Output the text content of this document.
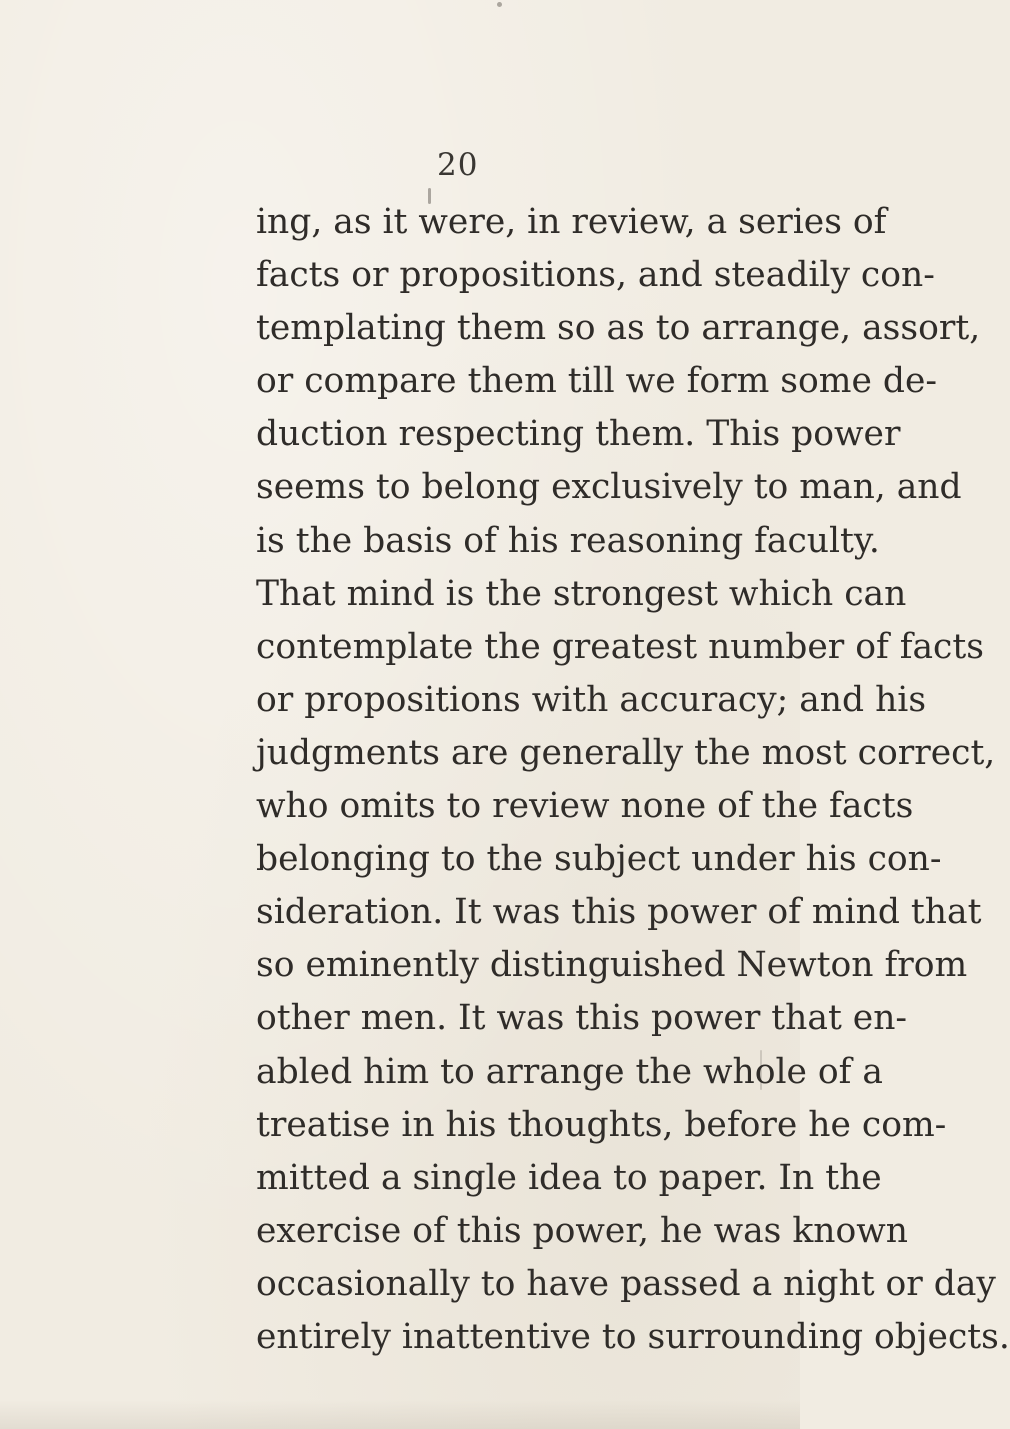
20
ing, as it were, in review, a series of
facts or propositions, and steadily con-
templating them so as to arrange, assort,
or compare them till we form some de-
duction respecting them. This power
seems to belong exclusively to man, and
is the basis of his reasoning faculty.
That mind is the strongest which can
contemplate the greatest number of facts
or propositions with accuracy; and his
judgments are generally the most correct,
who omits to review none of the facts
belonging to the subject under his con-
sideration. It was this power of mind that
so eminently distinguished Newton from
other men. It was this power that en-
abled him to arrange the whole of a
treatise in his thoughts, before he com-
mitted a single idea to paper. In the
exercise of this power, he was known
occasionally to have passed a night or day
entirely inattentive to surrounding objects.
